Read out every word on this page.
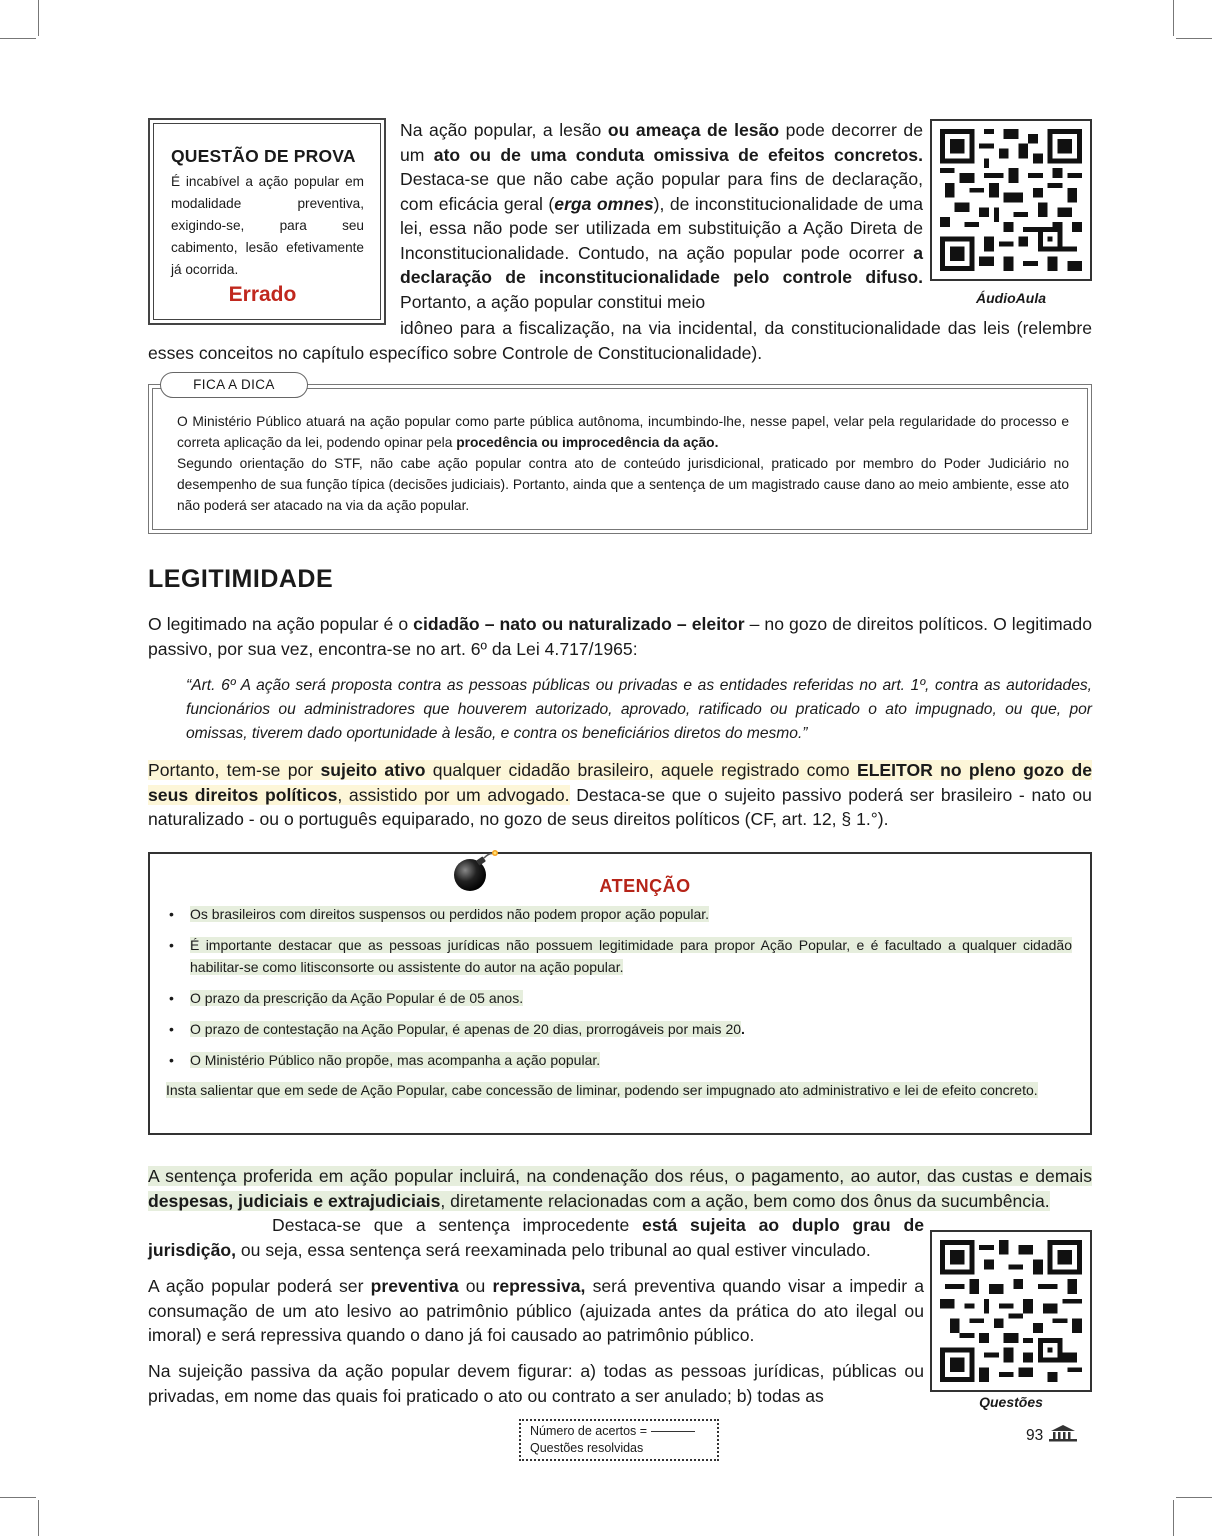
QUESTÃO DE PROVA

É incabível a ação popular em modalidade preventiva, exigindo-se, para seu cabimento, lesão efetivamente já ocorrida.

Errado
Na ação popular, a lesão ou ameaça de lesão pode decorrer de um ato ou de uma conduta omissiva de efeitos concretos. Destaca-se que não cabe ação popular para fins de declaração, com eficácia geral (erga omnes), de inconstitucionalidade de uma lei, essa não pode ser utilizada em substituição a Ação Direta de Inconstitucionalidade. Contudo, na ação popular pode ocorrer a declaração de inconstitucionalidade pelo controle difuso. Portanto, a ação popular constitui meio
idôneo para a fiscalização, na via incidental, da constitucionalidade das leis (relembre esses conceitos no capítulo específico sobre Controle de Constitucionalidade).
ÁudioAula
FICA A DICA

O Ministério Público atuará na ação popular como parte pública autônoma, incumbindo-lhe, nesse papel, velar pela regularidade do processo e correta aplicação da lei, podendo opinar pela procedência ou improcedência da ação.

Segundo orientação do STF, não cabe ação popular contra ato de conteúdo jurisdicional, praticado por membro do Poder Judiciário no desempenho de sua função típica (decisões judiciais). Portanto, ainda que a sentença de um magistrado cause dano ao meio ambiente, esse ato não poderá ser atacado na via da ação popular.

LEGITIMIDADE
O legitimado na ação popular é o cidadão – nato ou naturalizado – eleitor – no gozo de direitos políticos. O legitimado passivo, por sua vez, encontra-se no art. 6º da Lei 4.717/1965:
“Art. 6º A ação será proposta contra as pessoas públicas ou privadas e as entidades referidas no art. 1º, contra as autoridades, funcionários ou administradores que houverem autorizado, aprovado, ratificado ou praticado o ato impugnado, ou que, por omissas, tiverem dado oportunidade à lesão, e contra os beneficiários diretos do mesmo.”
Portanto, tem-se por sujeito ativo qualquer cidadão brasileiro, aquele registrado como ELEITOR no pleno gozo de seus direitos políticos, assistido por um advogado. Destaca-se que o sujeito passivo poderá ser brasileiro - nato ou naturalizado - ou o português equiparado, no gozo de seus direitos políticos (CF, art. 12, § 1.°).
ATENÇÃO
• Os brasileiros com direitos suspensos ou perdidos não podem propor ação popular.
• É importante destacar que as pessoas jurídicas não possuem legitimidade para propor Ação Popular, e é facultado a qualquer cidadão habilitar-se como litisconsorte ou assistente do autor na ação popular.
• O prazo da prescrição da Ação Popular é de 05 anos.
• O prazo de contestação na Ação Popular, é apenas de 20 dias, prorrogáveis por mais 20.
• O Ministério Público não propõe, mas acompanha a ação popular.
Insta salientar que em sede de Ação Popular, cabe concessão de liminar, podendo ser impugnado ato administrativo e lei de efeito concreto.
A sentença proferida em ação popular incluirá, na condenação dos réus, o pagamento, ao autor, das custas e demais despesas, judiciais e extrajudiciais, diretamente relacionadas com a ação, bem como dos ônus da sucumbência.
Destaca-se que a sentença improcedente está sujeita ao duplo grau de jurisdição, ou seja, essa sentença será reexaminada pelo tribunal ao qual estiver vinculado.
A ação popular poderá ser preventiva ou repressiva, será preventiva quando visar a impedir a consumação de um ato lesivo ao patrimônio público (ajuizada antes da prática do ato ilegal ou imoral) e será repressiva quando o dano já foi causado ao patrimônio público.
Na sujeição passiva da ação popular devem figurar: a) todas as pessoas jurídicas, públicas ou privadas, em nome das quais foi praticado o ato ou contrato a ser anulado; b) todas as	Questões
Número de acertos =
Questões resolvidas
93
